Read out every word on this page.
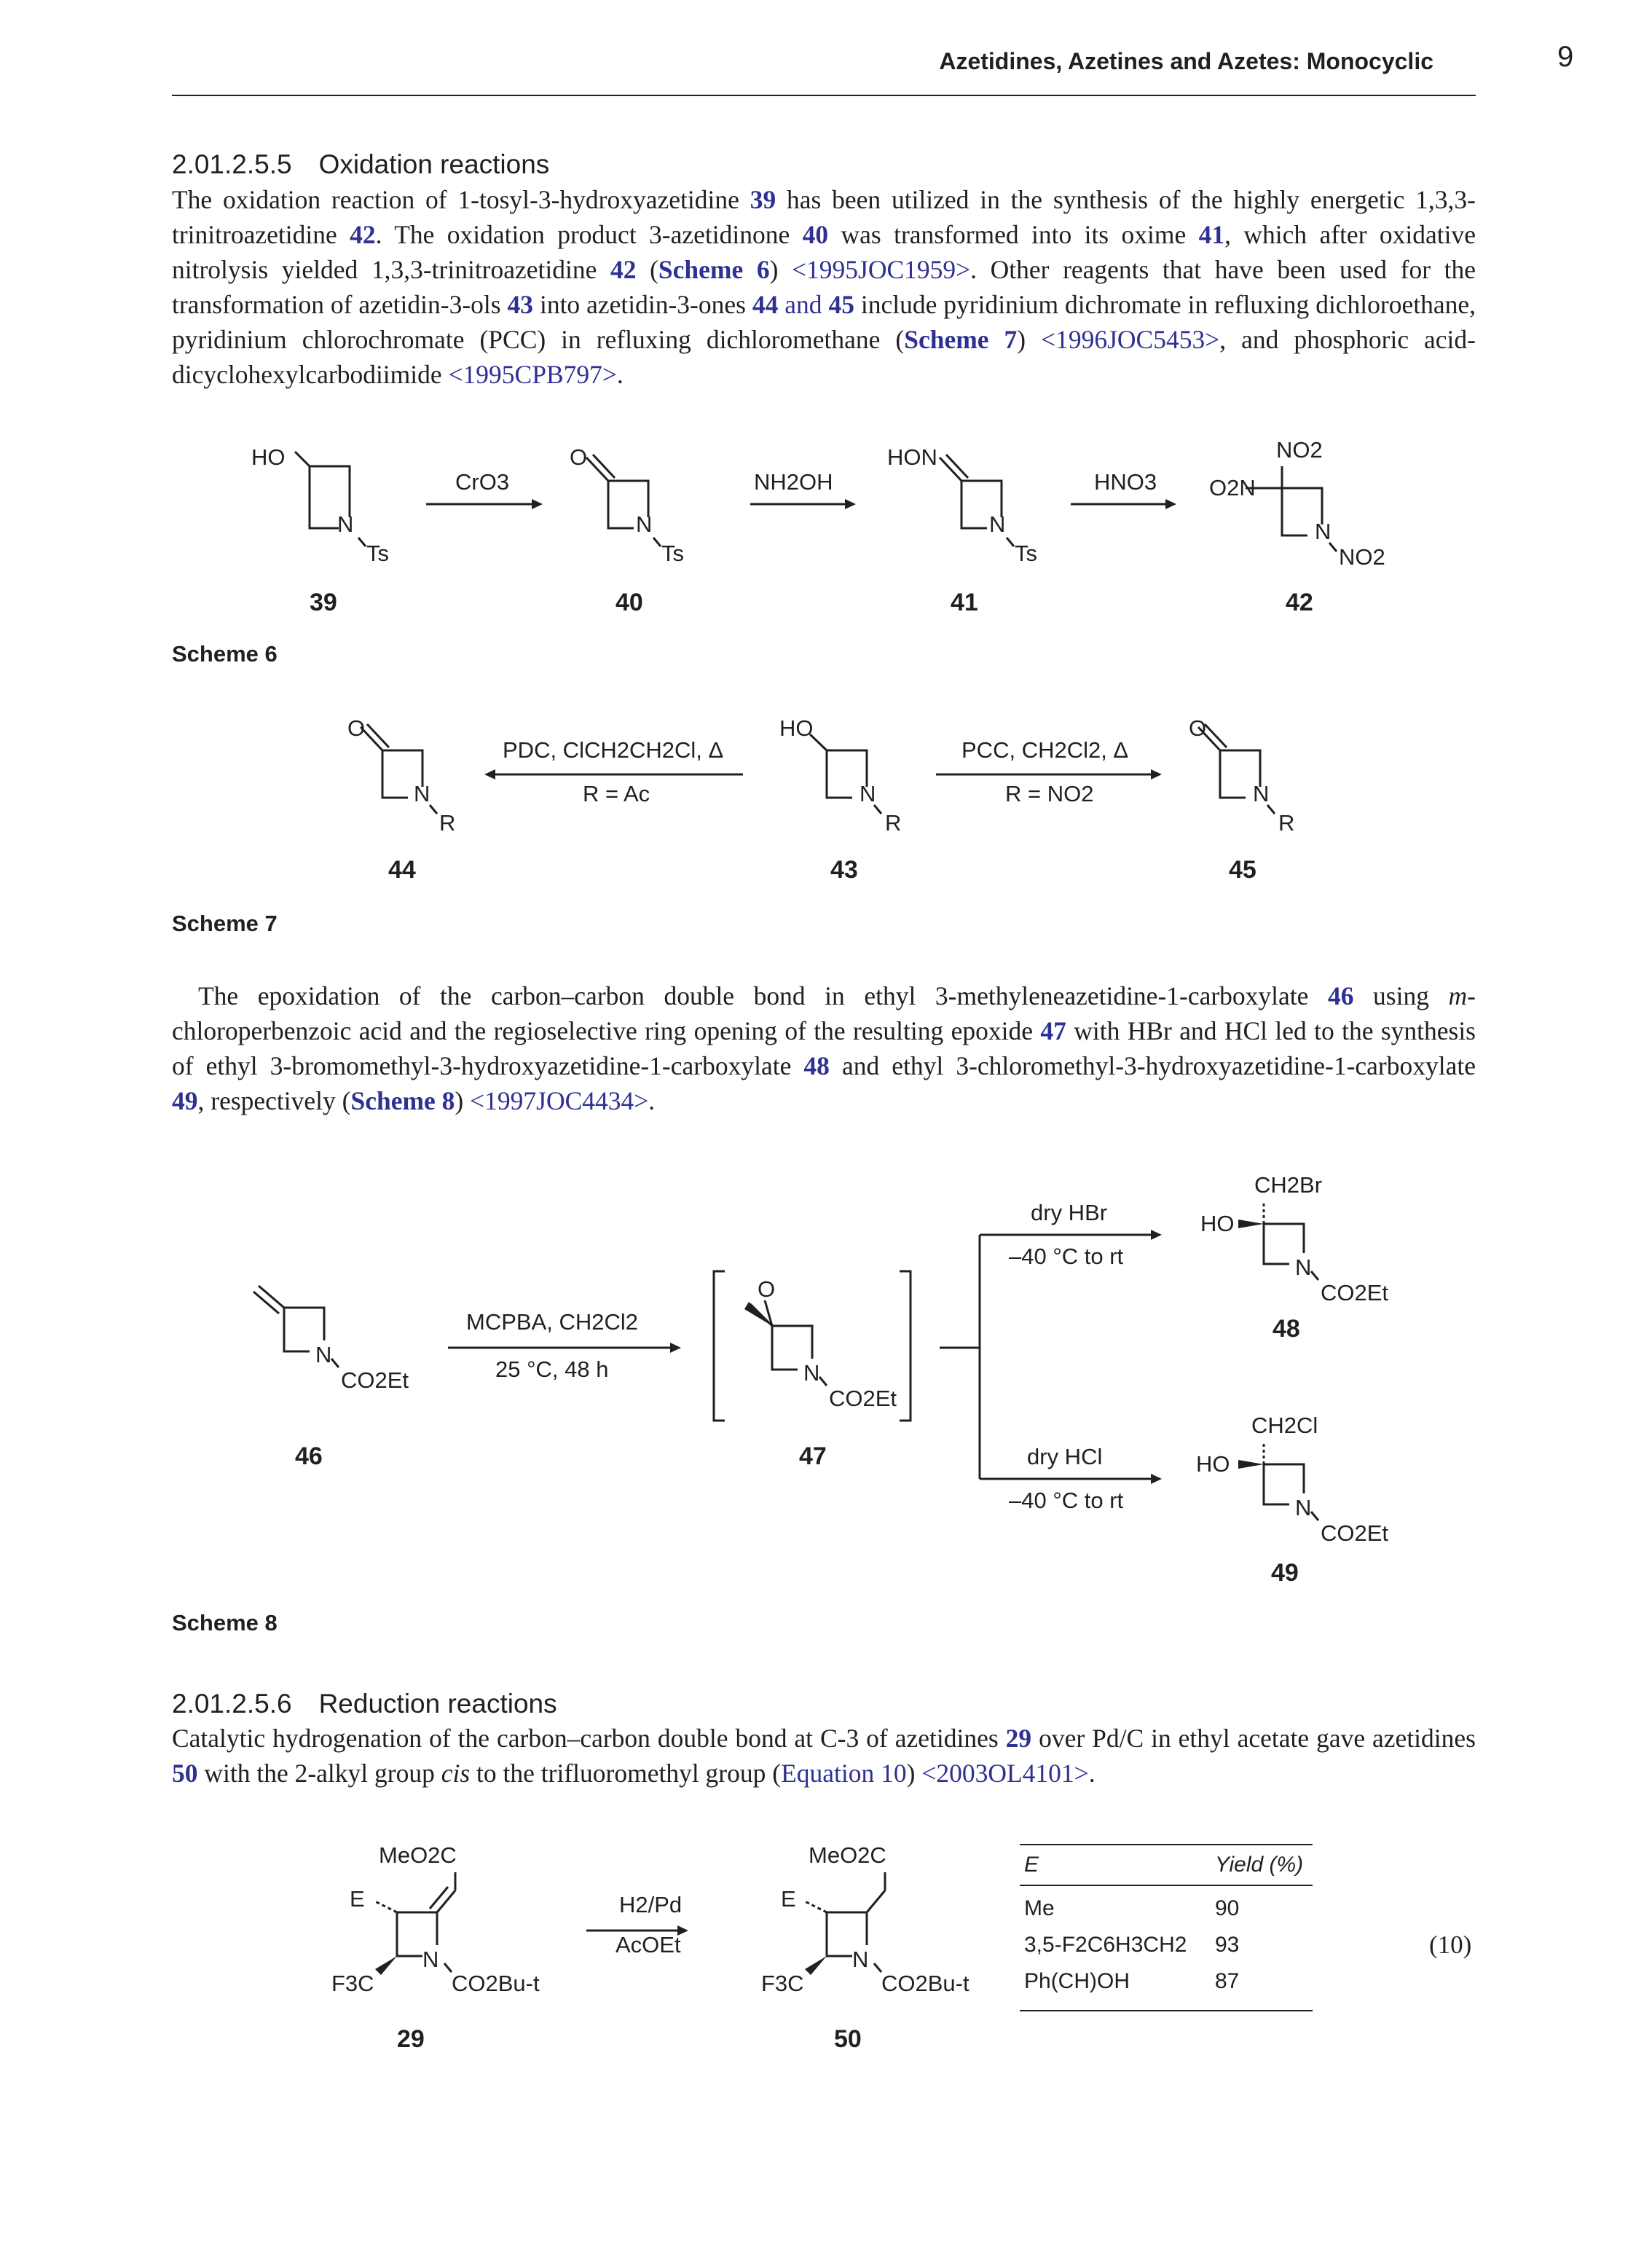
Azetidines, Azetines and Azetes: Monocyclic	9
2.01.2.5.5 Oxidation reactions
The oxidation reaction of 1-tosyl-3-hydroxyazetidine 39 has been utilized in the synthesis of the highly energetic 1,3,3-trinitroazetidine 42. The oxidation product 3-azetidinone 40 was transformed into its oxime 41, which after oxidative nitrolysis yielded 1,3,3-trinitroazetidine 42 (Scheme 6) <1995JOC1959>. Other reagents that have been used for the transformation of azetidin-3-ols 43 into azetidin-3-ones 44 and 45 include pyridinium dichromate in refluxing dichloroethane, pyridinium chlorochromate (PCC) in refluxing dichloromethane (Scheme 7) <1996JOC5453>, and phosphoric acid-dicyclohexylcarbodiimide <1995CPB797>.
HO
N
Ts
CrO3
O
N
Ts
NH2OH
HON
N
Ts
HNO3
NO2
O2N
N
NO2
39	40	41	42
Scheme 6
O
N
R
PDC, ClCH2CH2Cl, Δ
R = Ac
HO
N
R
PCC, CH2Cl2, Δ
R = NO2
O
N
R
44	43	45
Scheme 7
The epoxidation of the carbon–carbon double bond in ethyl 3-methyleneazetidine-1-carboxylate 46 using m-chloroperbenzoic acid and the regioselective ring opening of the resulting epoxide 47 with HBr and HCl led to the synthesis of ethyl 3-bromomethyl-3-hydroxyazetidine-1-carboxylate 48 and ethyl 3-chloromethyl-3-hydroxyazetidine-1-carboxylate 49, respectively (Scheme 8) <1997JOC4434>.
O
N
CO2Et
MCPBA, CH2Cl2
25 °C, 48 h	N
CO2Et
dry HBr
–40 °C to rt
dry HCl
–40 °C to rt
CH2Br
HO
N
CO2Et
CH2Cl
HO
N
CO2Et
46	47
48
49
Scheme 8
2.01.2.5.6 Reduction reactions
Catalytic hydrogenation of the carbon–carbon double bond at C-3 of azetidines 29 over Pd/C in ethyl acetate gave azetidines 50 with the 2-alkyl group cis to the trifluoromethyl group (Equation 10) <2003OL4101>.
MeO2C
E
F3C
N
CO2Bu-t
H2/Pd
AcOEt
MeO2C
E
F3C
N
CO2Bu-t
29	50
E	Yield (%)
Me	90
3,5-F2C6H3CH2	93
Ph(CH)OH	87
(10)
